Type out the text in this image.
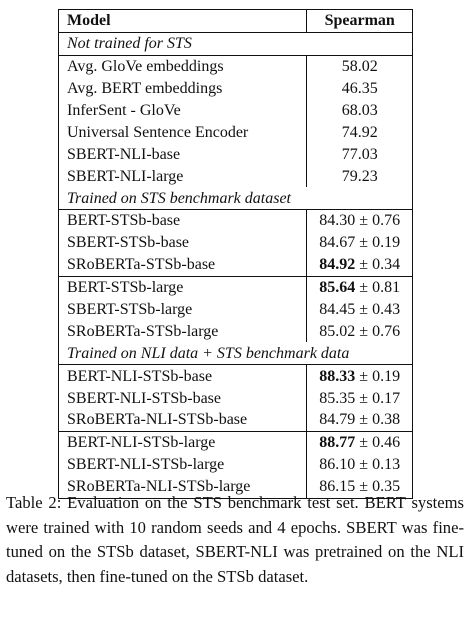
Model	Spearman
Not trained for STS	
Avg. GloVe embeddings	58.02
Avg. BERT embeddings	46.35
InferSent - GloVe	68.03
Universal Sentence Encoder	74.92
SBERT-NLI-base	77.03
SBERT-NLI-large	79.23
Trained on STS benchmark dataset	
BERT-STSb-base	84.30 ± 0.76
SBERT-STSb-base	84.67 ± 0.19
SRoBERTa-STSb-base	84.92 ± 0.34
BERT-STSb-large	85.64 ± 0.81
SBERT-STSb-large	84.45 ± 0.43
SRoBERTa-STSb-large	85.02 ± 0.76
Trained on NLI data + STS benchmark data	
BERT-NLI-STSb-base	88.33 ± 0.19
SBERT-NLI-STSb-base	85.35 ± 0.17
SRoBERTa-NLI-STSb-base	84.79 ± 0.38
BERT-NLI-STSb-large	88.77 ± 0.46
SBERT-NLI-STSb-large	86.10 ± 0.13
SRoBERTa-NLI-STSb-large	86.15 ± 0.35

Table 2: Evaluation on the STS benchmark test set. BERT systems were trained with 10 random seeds and 4 epochs. SBERT was fine-tuned on the STSb dataset, SBERT-NLI was pretrained on the NLI datasets, then fine-tuned on the STSb dataset.
